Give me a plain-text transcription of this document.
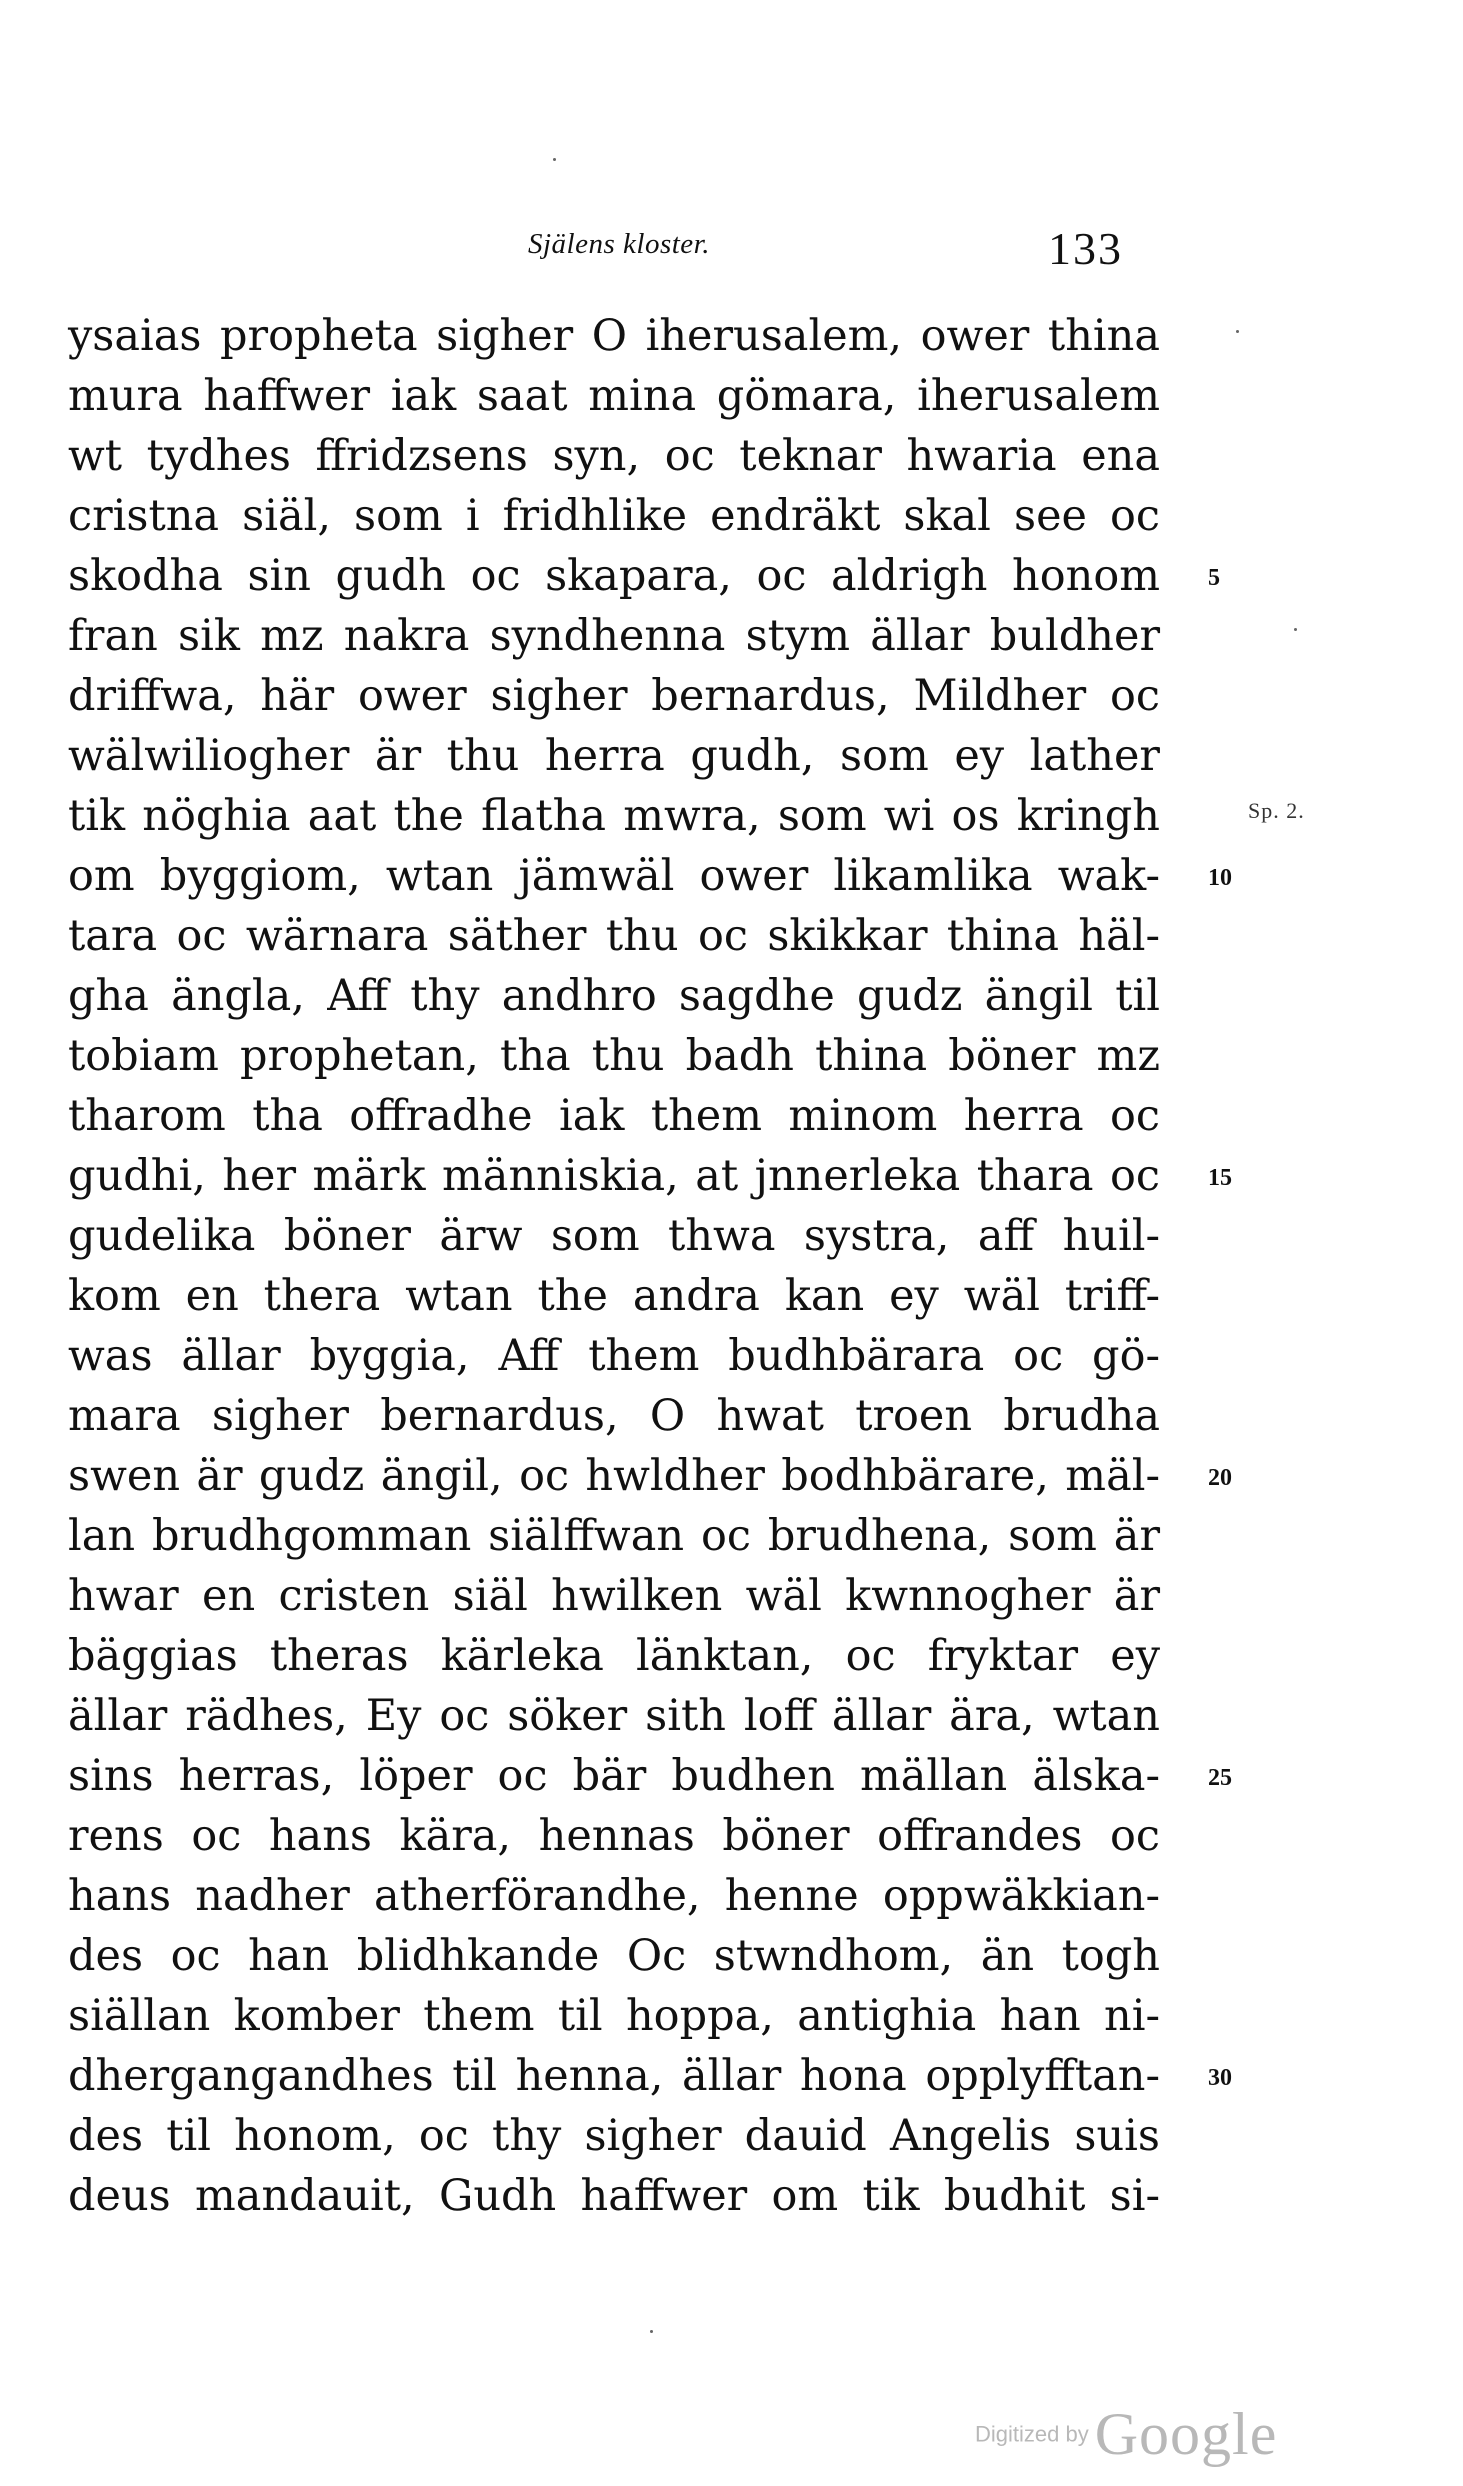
Själens kloster.	133
ysaias propheta sigher O iherusalem, ower thina
mura haffwer iak saat mina gömara, iherusalem
wt tydhes ffridzsens syn, oc teknar hwaria ena
cristna siäl, som i fridhlike endräkt skal see oc
skodha sin gudh oc skapara, oc aldrigh honom
fran sik mz nakra syndhenna stym ällar buldher
driffwa, här ower sigher bernardus, Mildher oc
wälwiliogher är thu herra gudh, som ey lather
tik nöghia aat the flatha mwra, som wi os kringh
om byggiom, wtan jämwäl ower likamlika wak-
tara oc wärnara säther thu oc skikkar thina häl-
gha ängla, Aff thy andhro sagdhe gudz ängil til
tobiam prophetan, tha thu badh thina böner mz
tharom tha offradhe iak them minom herra oc
gudhi, her märk människia, at jnnerleka thara oc
gudelika böner ärw som thwa systra, aff huil-
kom en thera wtan the andra kan ey wäl triff-
was ällar byggia, Aff them budhbärara oc gö-
mara sigher bernardus, O hwat troen brudha
swen är gudz ängil, oc hwldher bodhbärare, mäl-
lan brudhgomman siälffwan oc brudhena, som är
hwar en cristen siäl hwilken wäl kwnnogher är
bäggias theras kärleka länktan, oc fryktar ey
ällar rädhes, Ey oc söker sith loff ällar ära, wtan
sins herras, löper oc bär budhen mällan älska-
rens oc hans kära, hennas böner offrandes oc
hans nadher atherförandhe, henne oppwäkkian-
des oc han blidhkande Oc stwndhom, än togh
siällan komber them til hoppa, antighia han ni-
dhergangandhes til henna, ällar hona opplyfftan-
des til honom, oc thy sigher dauid Angelis suis
deus mandauit, Gudh haffwer om tik budhit si-
5
10
15
20
25
30
Sp. 2.
Digitized by Google
